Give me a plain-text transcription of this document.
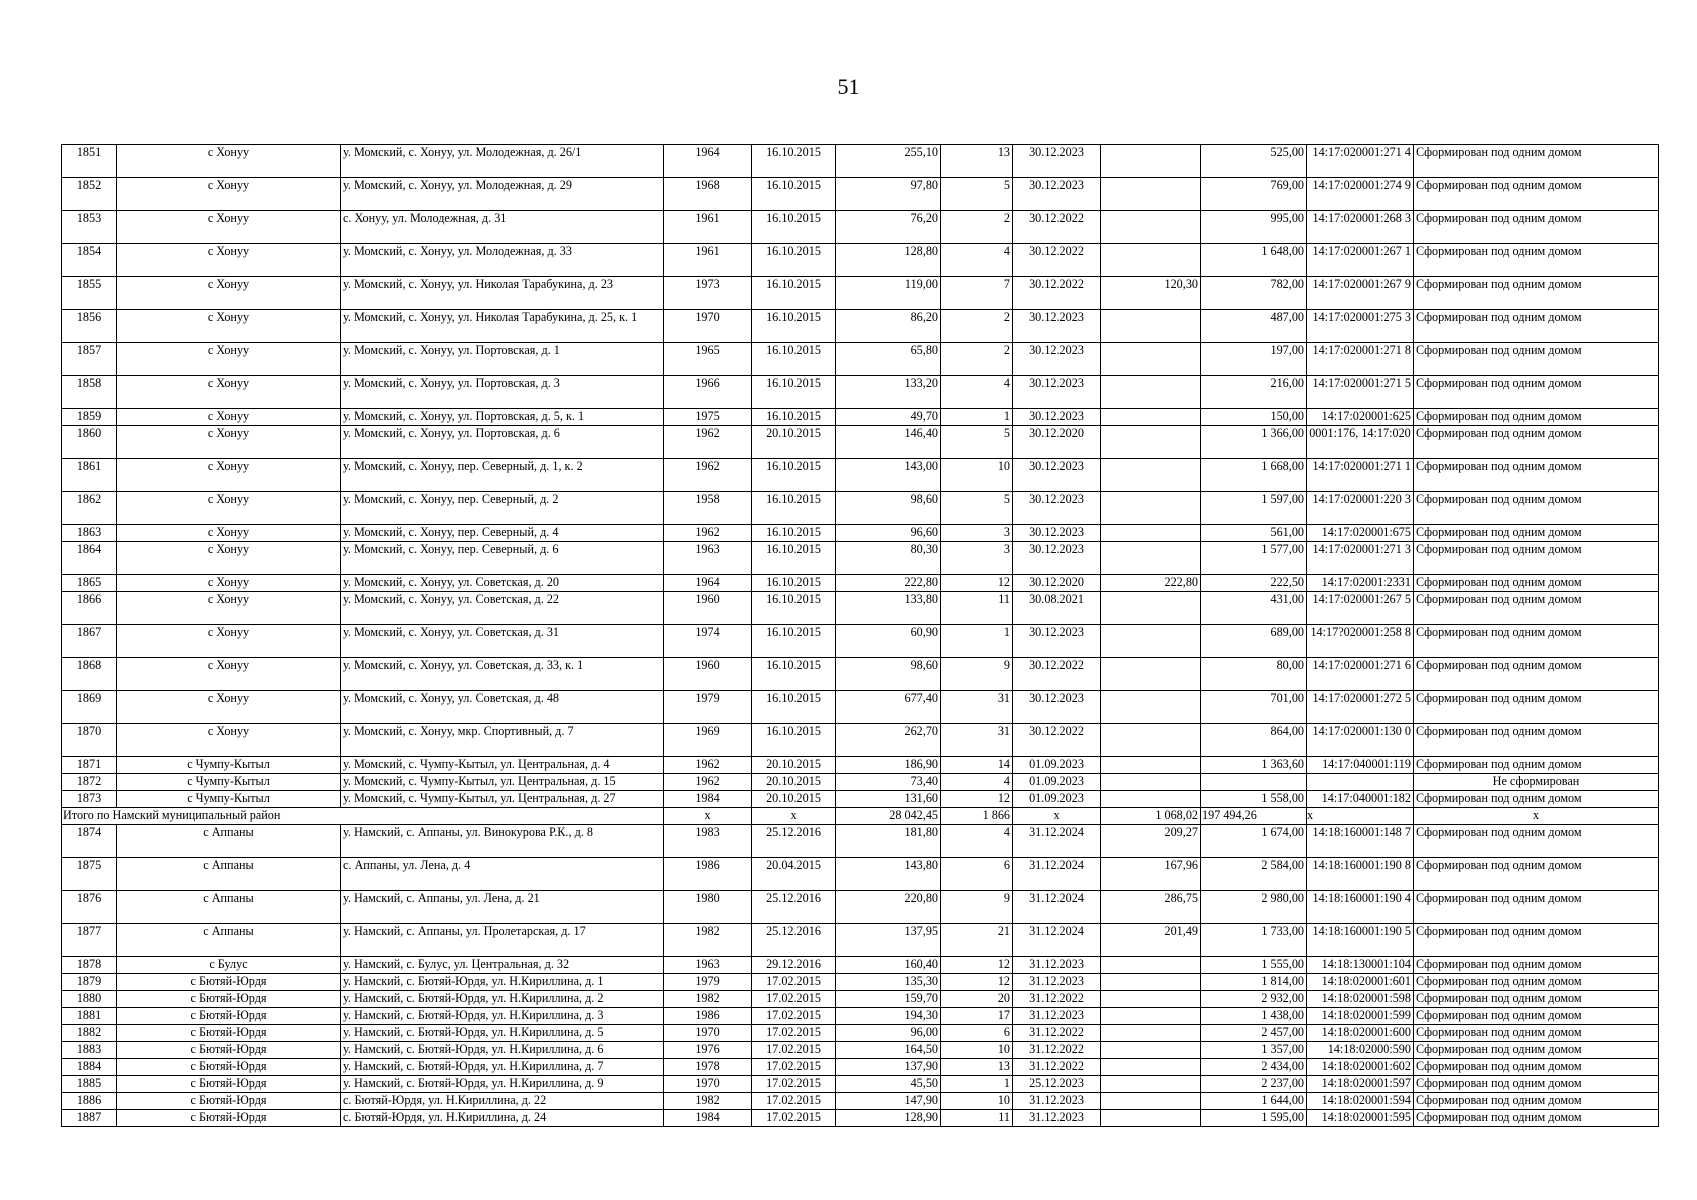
51
1851	с Хонуу	у. Момский, с. Хонуу, ул. Молодежная, д. 26/1	1964	16.10.2015	255,10	13	30.12.2023		525,00	14:17:020001:271 4	Сформирован под одним домом
1852	с Хонуу	у. Момский, с. Хонуу, ул. Молодежная, д. 29	1968	16.10.2015	97,80	5	30.12.2023		769,00	14:17:020001:274 9	Сформирован под одним домом
1853	с Хонуу	с. Хонуу, ул. Молодежная, д. 31	1961	16.10.2015	76,20	2	30.12.2022		995,00	14:17:020001:268 3	Сформирован под одним домом
1854	с Хонуу	у. Момский, с. Хонуу, ул. Молодежная, д. 33	1961	16.10.2015	128,80	4	30.12.2022		1 648,00	14:17:020001:267 1	Сформирован под одним домом
1855	с Хонуу	у. Момский, с. Хонуу, ул. Николая Тарабукина, д. 23	1973	16.10.2015	119,00	7	30.12.2022	120,30	782,00	14:17:020001:267 9	Сформирован под одним домом
1856	с Хонуу	у. Момский, с. Хонуу, ул. Николая Тарабукина, д. 25, к. 1	1970	16.10.2015	86,20	2	30.12.2023		487,00	14:17:020001:275 3	Сформирован под одним домом
1857	с Хонуу	у. Момский, с. Хонуу, ул. Портовская, д. 1	1965	16.10.2015	65,80	2	30.12.2023		197,00	14:17:020001:271 8	Сформирован под одним домом
1858	с Хонуу	у. Момский, с. Хонуу, ул. Портовская, д. 3	1966	16.10.2015	133,20	4	30.12.2023		216,00	14:17:020001:271 5	Сформирован под одним домом
1859	с Хонуу	у. Момский, с. Хонуу, ул. Портовская, д. 5, к. 1	1975	16.10.2015	49,70	1	30.12.2023		150,00	14:17:020001:625	Сформирован под одним домом
1860	с Хонуу	у. Момский, с. Хонуу, ул. Портовская, д. 6	1962	20.10.2015	146,40	5	30.12.2020		1 366,00	0001:176, 14:17:020	Сформирован под одним домом
1861	с Хонуу	у. Момский, с. Хонуу, пер. Северный, д. 1, к. 2	1962	16.10.2015	143,00	10	30.12.2023		1 668,00	14:17:020001:271 1	Сформирован под одним домом
1862	с Хонуу	у. Момский, с. Хонуу, пер. Северный, д. 2	1958	16.10.2015	98,60	5	30.12.2023		1 597,00	14:17:020001:220 3	Сформирован под одним домом
1863	с Хонуу	у. Момский, с. Хонуу, пер. Северный, д. 4	1962	16.10.2015	96,60	3	30.12.2023		561,00	14:17:020001:675	Сформирован под одним домом
1864	с Хонуу	у. Момский, с. Хонуу, пер. Северный, д. 6	1963	16.10.2015	80,30	3	30.12.2023		1 577,00	14:17:020001:271 3	Сформирован под одним домом
1865	с Хонуу	у. Момский, с. Хонуу, ул. Советская, д. 20	1964	16.10.2015	222,80	12	30.12.2020	222,80	222,50	14:17:02001:2331	Сформирован под одним домом
1866	с Хонуу	у. Момский, с. Хонуу, ул. Советская, д. 22	1960	16.10.2015	133,80	11	30.08.2021		431,00	14:17:020001:267 5	Сформирован под одним домом
1867	с Хонуу	у. Момский, с. Хонуу, ул. Советская, д. 31	1974	16.10.2015	60,90	1	30.12.2023		689,00	14:17?020001:258 8	Сформирован под одним домом
1868	с Хонуу	у. Момский, с. Хонуу, ул. Советская, д. 33, к. 1	1960	16.10.2015	98,60	9	30.12.2022		80,00	14:17:020001:271 6	Сформирован под одним домом
1869	с Хонуу	у. Момский, с. Хонуу, ул. Советская, д. 48	1979	16.10.2015	677,40	31	30.12.2023		701,00	14:17:020001:272 5	Сформирован под одним домом
1870	с Хонуу	у. Момский, с. Хонуу, мкр. Спортивный, д. 7	1969	16.10.2015	262,70	31	30.12.2022		864,00	14:17:020001:130 0	Сформирован под одним домом
1871	с Чумпу-Кытыл	у. Момский, с. Чумпу-Кытыл, ул. Центральная, д. 4	1962	20.10.2015	186,90	14	01.09.2023		1 363,60	14:17:040001:119	Сформирован под одним домом
1872	с Чумпу-Кытыл	у. Момский, с. Чумпу-Кытыл, ул. Центральная, д. 15	1962	20.10.2015	73,40	4	01.09.2023				Не сформирован
1873	с Чумпу-Кытыл	у. Момский, с. Чумпу-Кытыл, ул. Центральная, д. 27	1984	20.10.2015	131,60	12	01.09.2023		1 558,00	14:17:040001:182	Сформирован под одним домом
Итого по Намский муниципальный район			x	x	28 042,45	1 866	x	1 068,02	197 494,26	x	x
1874	с Аппаны	у. Намский, с. Аппаны, ул. Винокурова Р.К., д. 8	1983	25.12.2016	181,80	4	31.12.2024	209,27	1 674,00	14:18:160001:148 7	Сформирован под одним домом
1875	с Аппаны	с. Аппаны, ул. Лена, д. 4	1986	20.04.2015	143,80	6	31.12.2024	167,96	2 584,00	14:18:160001:190 8	Сформирован под одним домом
1876	с Аппаны	у. Намский, с. Аппаны, ул. Лена, д. 21	1980	25.12.2016	220,80	9	31.12.2024	286,75	2 980,00	14:18:160001:190 4	Сформирован под одним домом
1877	с Аппаны	у. Намский, с. Аппаны, ул. Пролетарская, д. 17	1982	25.12.2016	137,95	21	31.12.2024	201,49	1 733,00	14:18:160001:190 5	Сформирован под одним домом
1878	с Булус	у. Намский, с. Булус, ул. Центральная, д. 32	1963	29.12.2016	160,40	12	31.12.2023		1 555,00	14:18:130001:104	Сформирован под одним домом
1879	с Бютяй-Юрдя	у. Намский, с. Бютяй-Юрдя, ул. Н.Кириллина, д. 1	1979	17.02.2015	135,30	12	31.12.2023		1 814,00	14:18:020001:601	Сформирован под одним домом
1880	с Бютяй-Юрдя	у. Намский, с. Бютяй-Юрдя, ул. Н.Кириллина, д. 2	1982	17.02.2015	159,70	20	31.12.2022		2 932,00	14:18:020001:598	Сформирован под одним домом
1881	с Бютяй-Юрдя	у. Намский, с. Бютяй-Юрдя, ул. Н.Кириллина, д. 3	1986	17.02.2015	194,30	17	31.12.2023		1 438,00	14:18:020001:599	Сформирован под одним домом
1882	с Бютяй-Юрдя	у. Намский, с. Бютяй-Юрдя, ул. Н.Кириллина, д. 5	1970	17.02.2015	96,00	6	31.12.2022		2 457,00	14:18:020001:600	Сформирован под одним домом
1883	с Бютяй-Юрдя	у. Намский, с. Бютяй-Юрдя, ул. Н.Кириллина, д. 6	1976	17.02.2015	164,50	10	31.12.2022		1 357,00	14:18:02000:590	Сформирован под одним домом
1884	с Бютяй-Юрдя	у. Намский, с. Бютяй-Юрдя, ул. Н.Кириллина, д. 7	1978	17.02.2015	137,90	13	31.12.2022		2 434,00	14:18:020001:602	Сформирован под одним домом
1885	с Бютяй-Юрдя	у. Намский, с. Бютяй-Юрдя, ул. Н.Кириллина, д. 9	1970	17.02.2015	45,50	1	25.12.2023		2 237,00	14:18:020001:597	Сформирован под одним домом
1886	с Бютяй-Юрдя	с. Бютяй-Юрдя, ул. Н.Кириллина, д. 22	1982	17.02.2015	147,90	10	31.12.2023		1 644,00	14:18:020001:594	Сформирован под одним домом
1887	с Бютяй-Юрдя	с. Бютяй-Юрдя, ул. Н.Кириллина, д. 24	1984	17.02.2015	128,90	11	31.12.2023		1 595,00	14:18:020001:595	Сформирован под одним домом
